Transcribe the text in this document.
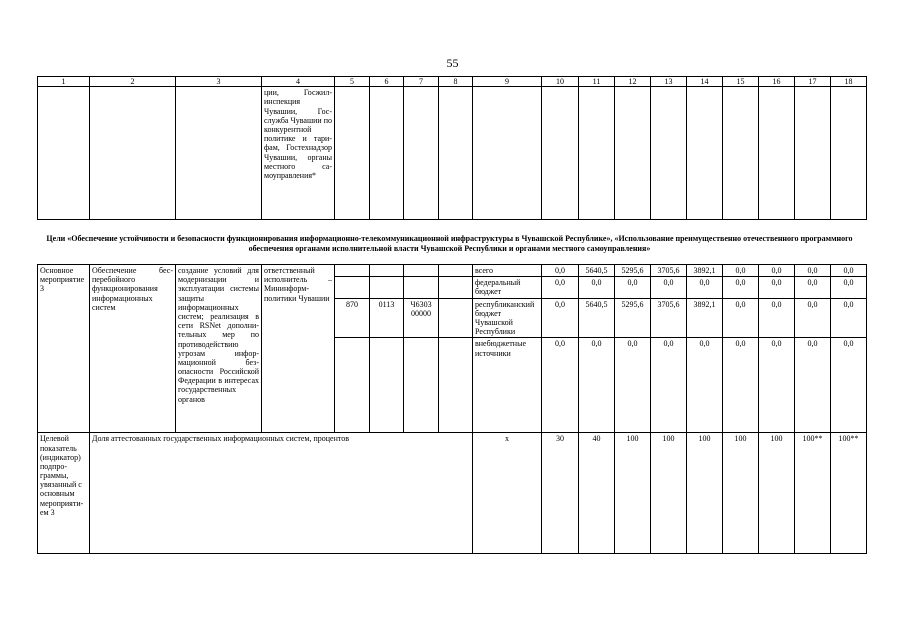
55
1	2	3	4	5	6	7	8	9	10	11	12	13	14	15	16	17	18
			ции, Госжилинспекция Чувашии, Госслужба Чувашии по конкурентной политике и тарифам, Гостехнадзор Чувашии, органы местного самоуправления*														
Цели «Обеспечение устойчивости и безопасности функционирования информационно-телекоммуникационной инфраструктуры в Чувашской Республике», «Использование преимущественно отечественного программного обеспечения органами исполнительной власти Чувашской Республики и органами местного самоуправления»
Основное мероприятие 3	Обеспечение бесперебойного функционирования информационных систем	создание условий для модернизации и эксплуатации системы защиты информационных систем; реализация в сети RSNet дополнительных мер по противодействию угрозам информационной безопасности Российской Федерации в интересах государственных органов	ответственный исполнитель – Мининформполитики Чувашии					всего	0,0	5640,5	5295,6	3705,6	3892,1	0,0	0,0	0,0	0,0
								федеральный бюджет	0,0	0,0	0,0	0,0	0,0	0,0	0,0	0,0	0,0
				870	0113	Ч6303 00000		республиканский бюджет Чувашской Республики	0,0	5640,5	5295,6	3705,6	3892,1	0,0	0,0	0,0	0,0
								внебюджетные источники	0,0	0,0	0,0	0,0	0,0	0,0	0,0	0,0	0,0
Целевой показатель (индикатор) подпрограммы, увязанный с основным мероприятием 3	Доля аттестованных государственных информационных систем, процентов							x	30	40	100	100	100	100	100	100**	100**
